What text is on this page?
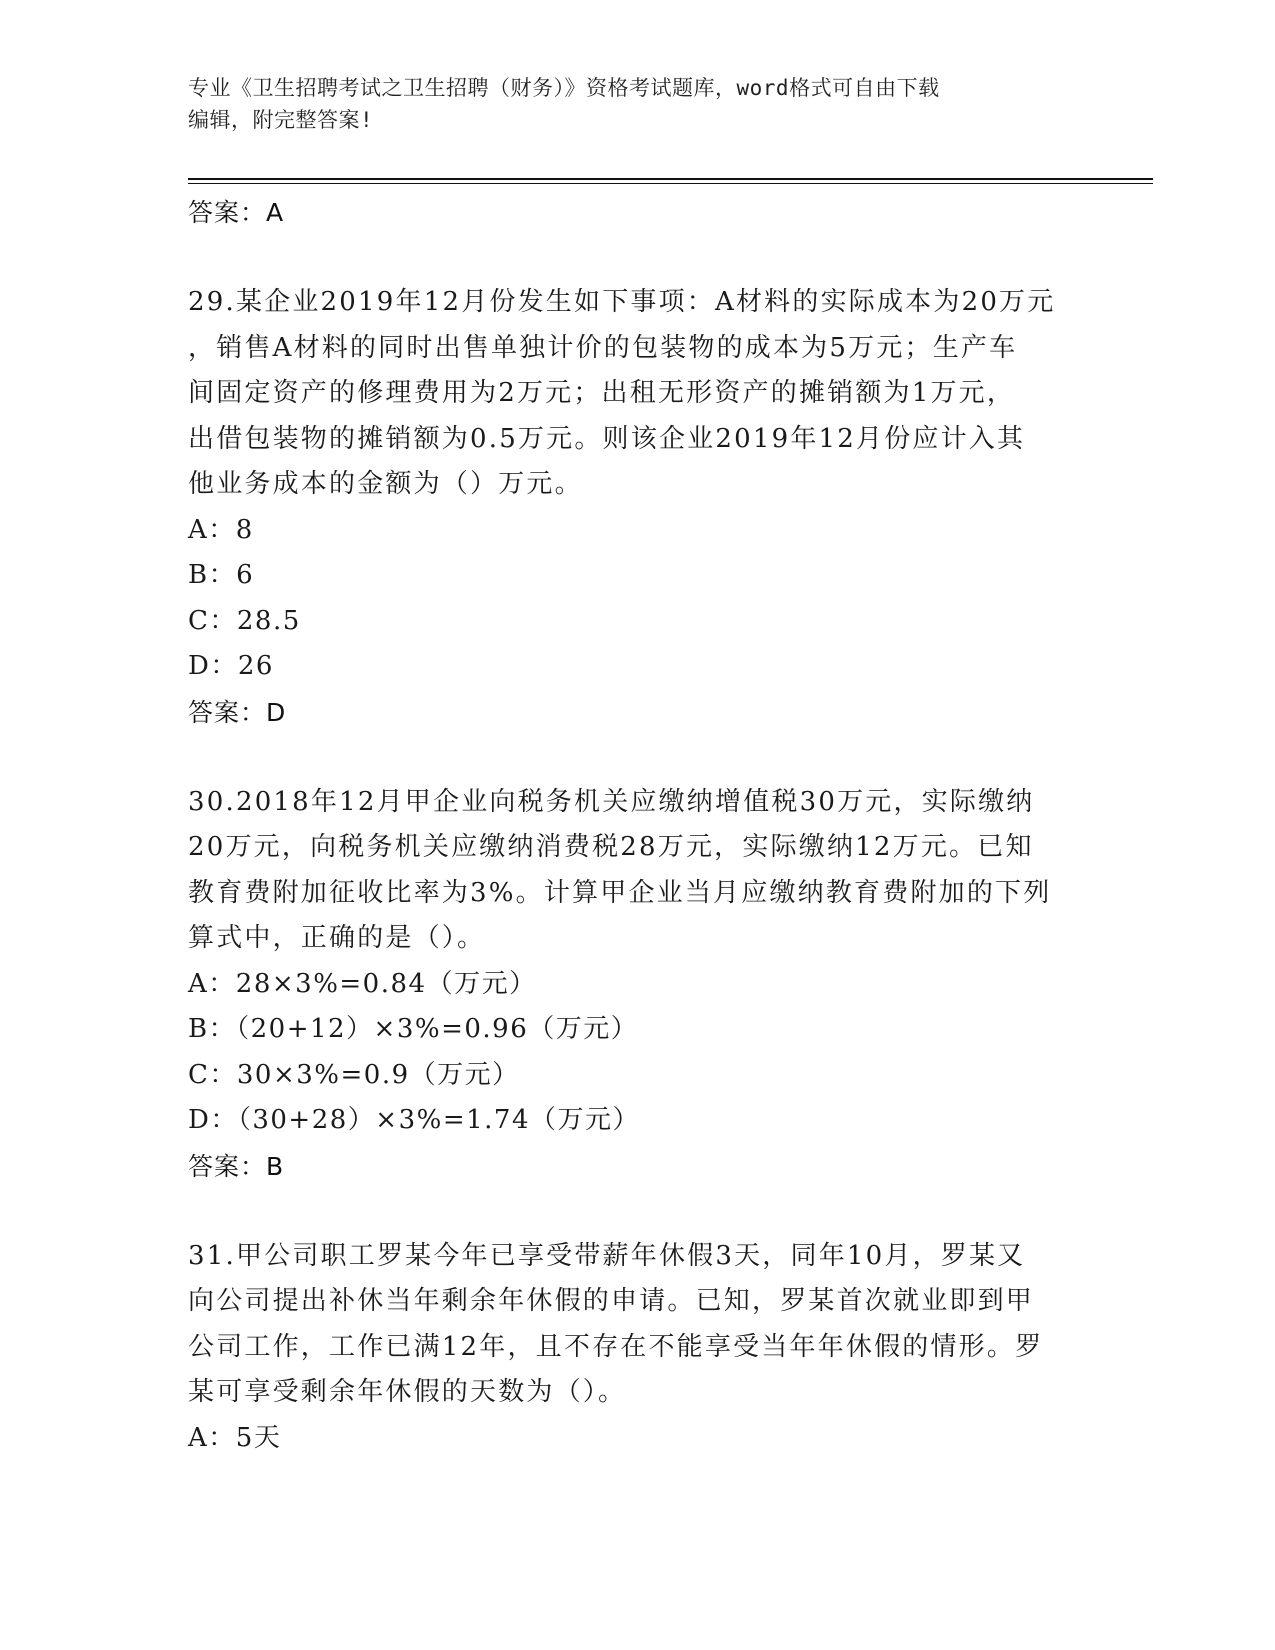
专业《卫生招聘考试之卫生招聘（财务）》资格考试题库，word格式可自由下载
编辑，附完整答案!
答案：A
29.某企业2019年12月份发生如下事项：A材料的实际成本为20万元
，销售A材料的同时出售单独计价的包装物的成本为5万元；生产车
间固定资产的修理费用为2万元；出租无形资产的摊销额为1万元，
出借包装物的摊销额为0.5万元。则该企业2019年12月份应计入其
他业务成本的金额为（）万元。
A：8
B：6
C：28.5
D：26
答案：D
30.2018年12月甲企业向税务机关应缴纳增值税30万元，实际缴纳
20万元，向税务机关应缴纳消费税28万元，实际缴纳12万元。已知
教育费附加征收比率为3%。计算甲企业当月应缴纳教育费附加的下列
算式中，正确的是（）。
A：28×3%=0.84（万元）
B：（20+12）×3%=0.96（万元）
C：30×3%=0.9（万元）
D：（30+28）×3%=1.74（万元）
答案：B
31.甲公司职工罗某今年已享受带薪年休假3天，同年10月，罗某又
向公司提出补休当年剩余年休假的申请。已知，罗某首次就业即到甲
公司工作，工作已满12年，且不存在不能享受当年年休假的情形。罗
某可享受剩余年休假的天数为（）。
A：5天
